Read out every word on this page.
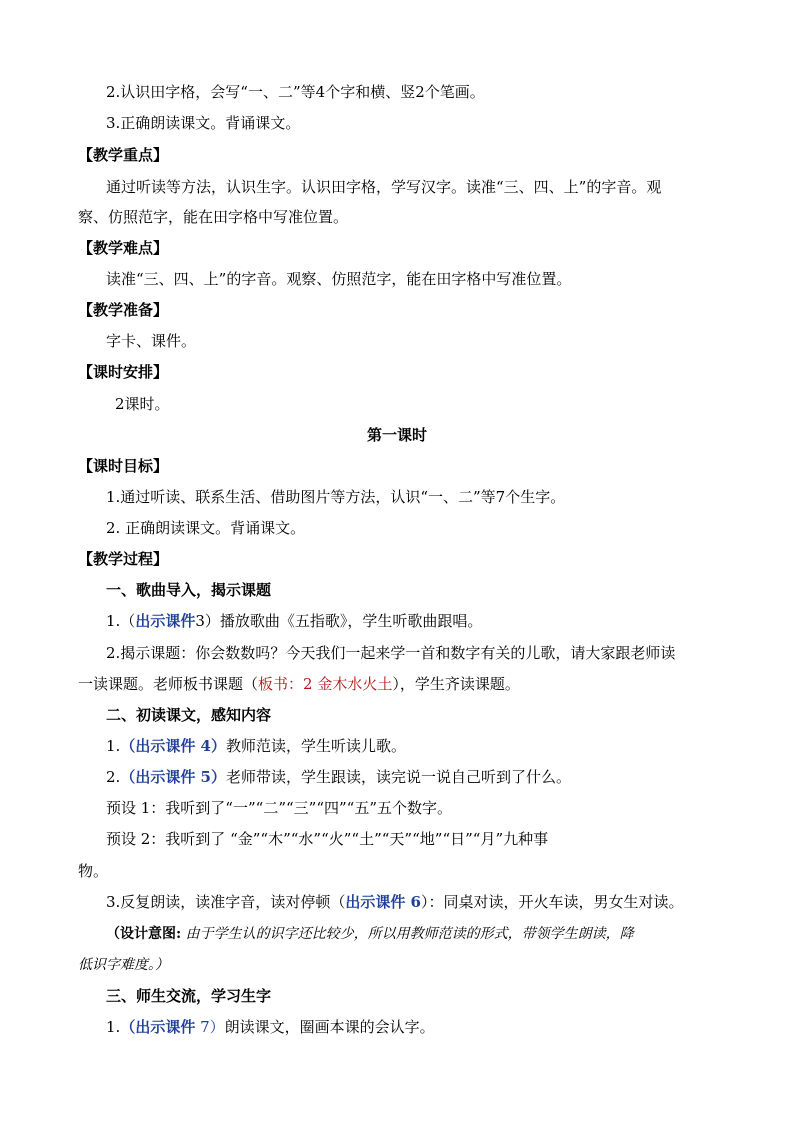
2.认识田字格，会写“一、二”等4个字和横、竖2个笔画。
3.正确朗读课文。背诵课文。
【教学重点】
通过听读等方法，认识生字。认识田字格，学写汉字。读准“三、四、上”的字音。观
察、仿照范字，能在田字格中写准位置。
【教学难点】
读准“三、四、上”的字音。观察、仿照范字，能在田字格中写准位置。
【教学准备】
字卡、课件。
【课时安排】
2课时。
第一课时
【课时目标】
1.通过听读、联系生活、借助图片等方法，认识“一、二”等7个生字。
2. 正确朗读课文。背诵课文。
【教学过程】
一、歌曲导入，揭示课题
1.（出示课件3）播放歌曲《五指歌》，学生听歌曲跟唱。
2.揭示课题：你会数数吗？今天我们一起来学一首和数字有关的儿歌，请大家跟老师读
一读课题。老师板书课题（板书：2 金木水火土），学生齐读课题。
二、初读课文，感知内容
1.（出示课件 4）教师范读，学生听读儿歌。
2.（出示课件 5）老师带读，学生跟读，读完说一说自己听到了什么。
预设 1：我听到了“一”“二”“三”“四”“五”五个数字。
预设 2：我听到了 “金”“木”“水”“火”“土”“天”“地”“日”“月”九种事
物。
3.反复朗读，读准字音，读对停顿（出示课件 6）：同桌对读，开火车读，男女生对读。
（设计意图: 由于学生认的识字还比较少，所以用教师范读的形式，带领学生朗读，降
低识字难度。）
三、师生交流，学习生字
1.（出示课件 7）朗读课文，圈画本课的会认字。
